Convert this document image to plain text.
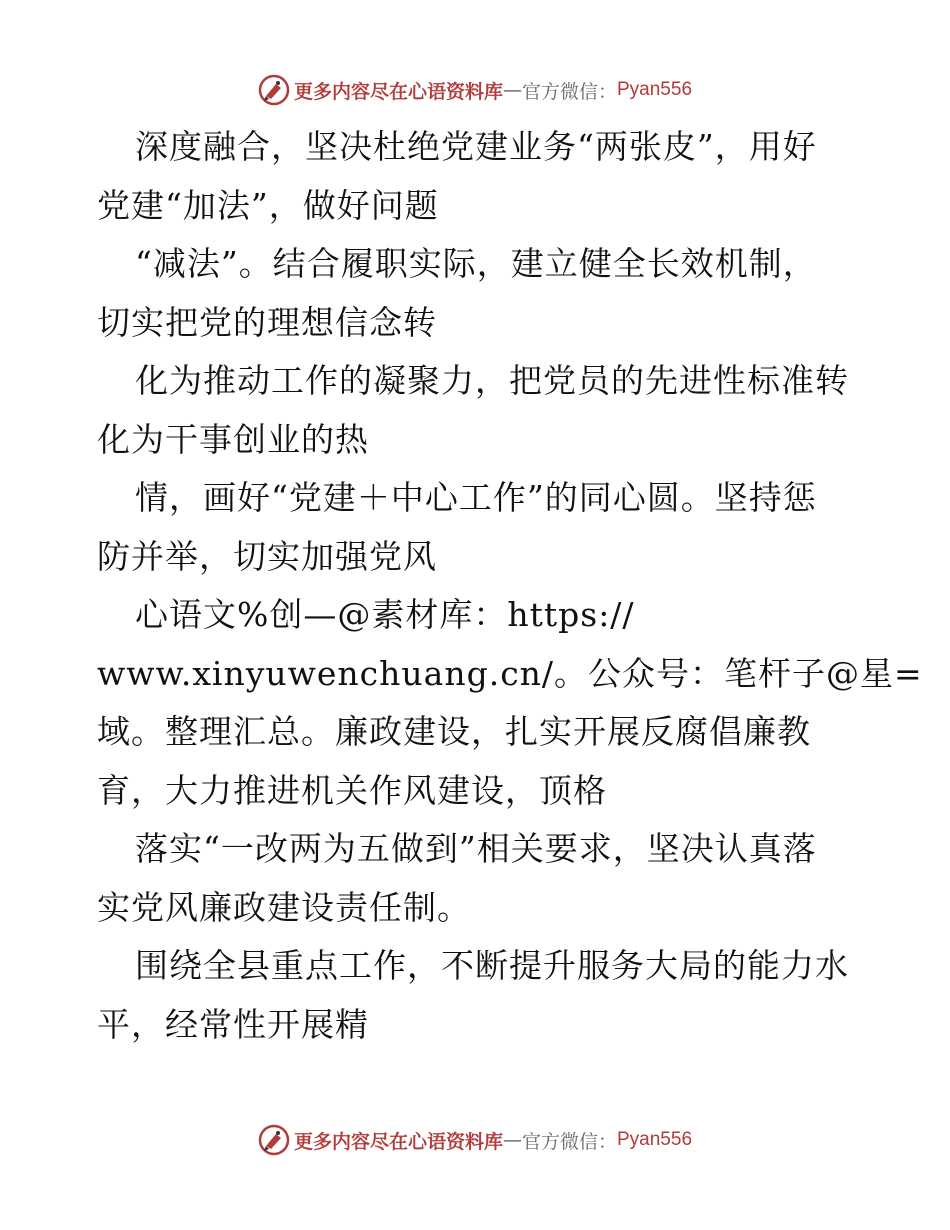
更多内容尽在心语资料库 — 官方微信： Pyan556

深度融合，坚决杜绝党建业务“两张皮”，用好

党建“加法”，做好问题

“减法”。结合履职实际，建立健全长效机制，

切实把党的理想信念转

化为推动工作的凝聚力，把党员的先进性标准转

化为干事创业的热

情，画好“党建＋中心工作”的同心圆。坚持惩

防并举，切实加强党风

心语文%创—@素材库：https://

www.xinyuwenchuang.cn/。公众号：笔杆子@星=

域。整理汇总。廉政建设，扎实开展反腐倡廉教

育，大力推进机关作风建设，顶格

落实“一改两为五做到”相关要求，坚决认真落

实党风廉政建设责任制。

围绕全县重点工作，不断提升服务大局的能力水

平，经常性开展精

更多内容尽在心语资料库 — 官方微信： Pyan556
